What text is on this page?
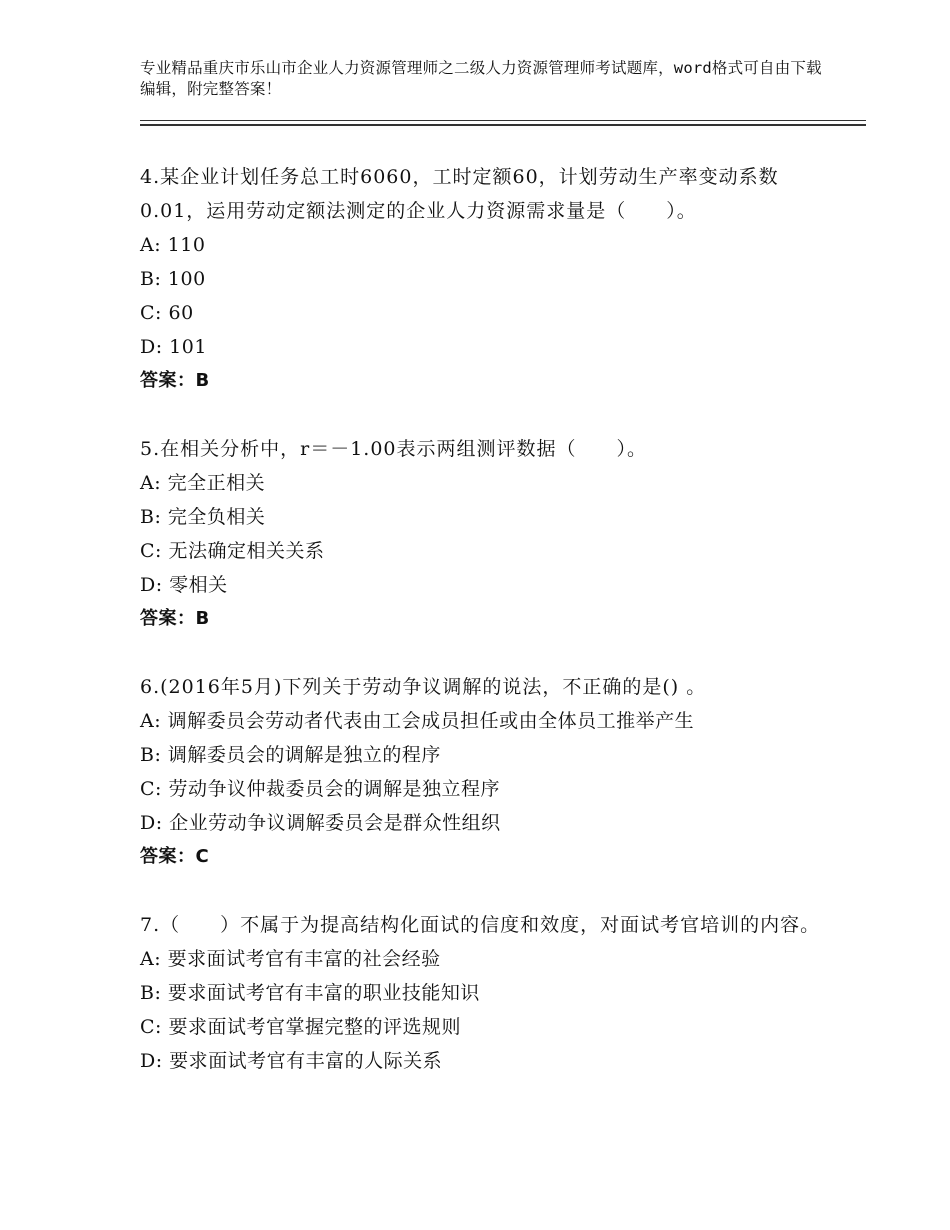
专业精品重庆市乐山市企业人力资源管理师之二级人力资源管理师考试题库，word格式可自由下载编辑，附完整答案！

4.某企业计划任务总工时6060，工时定额60，计划劳动生产率变动系数0.01，运用劳动定额法测定的企业人力资源需求量是（　　）。

A: 110

B: 100

C: 60

D: 101

答案：B

5.在相关分析中，r＝－1.00表示两组测评数据（　　）。

A: 完全正相关

B: 完全负相关

C: 无法确定相关关系

D: 零相关

答案：B

6.(2016年5月)下列关于劳动争议调解的说法，不正确的是() 。

A: 调解委员会劳动者代表由工会成员担任或由全体员工推举产生

B: 调解委员会的调解是独立的程序

C: 劳动争议仲裁委员会的调解是独立程序

D: 企业劳动争议调解委员会是群众性组织

答案：C

7.（　　）不属于为提高结构化面试的信度和效度，对面试考官培训的内容。

A: 要求面试考官有丰富的社会经验

B: 要求面试考官有丰富的职业技能知识

C: 要求面试考官掌握完整的评选规则

D: 要求面试考官有丰富的人际关系
